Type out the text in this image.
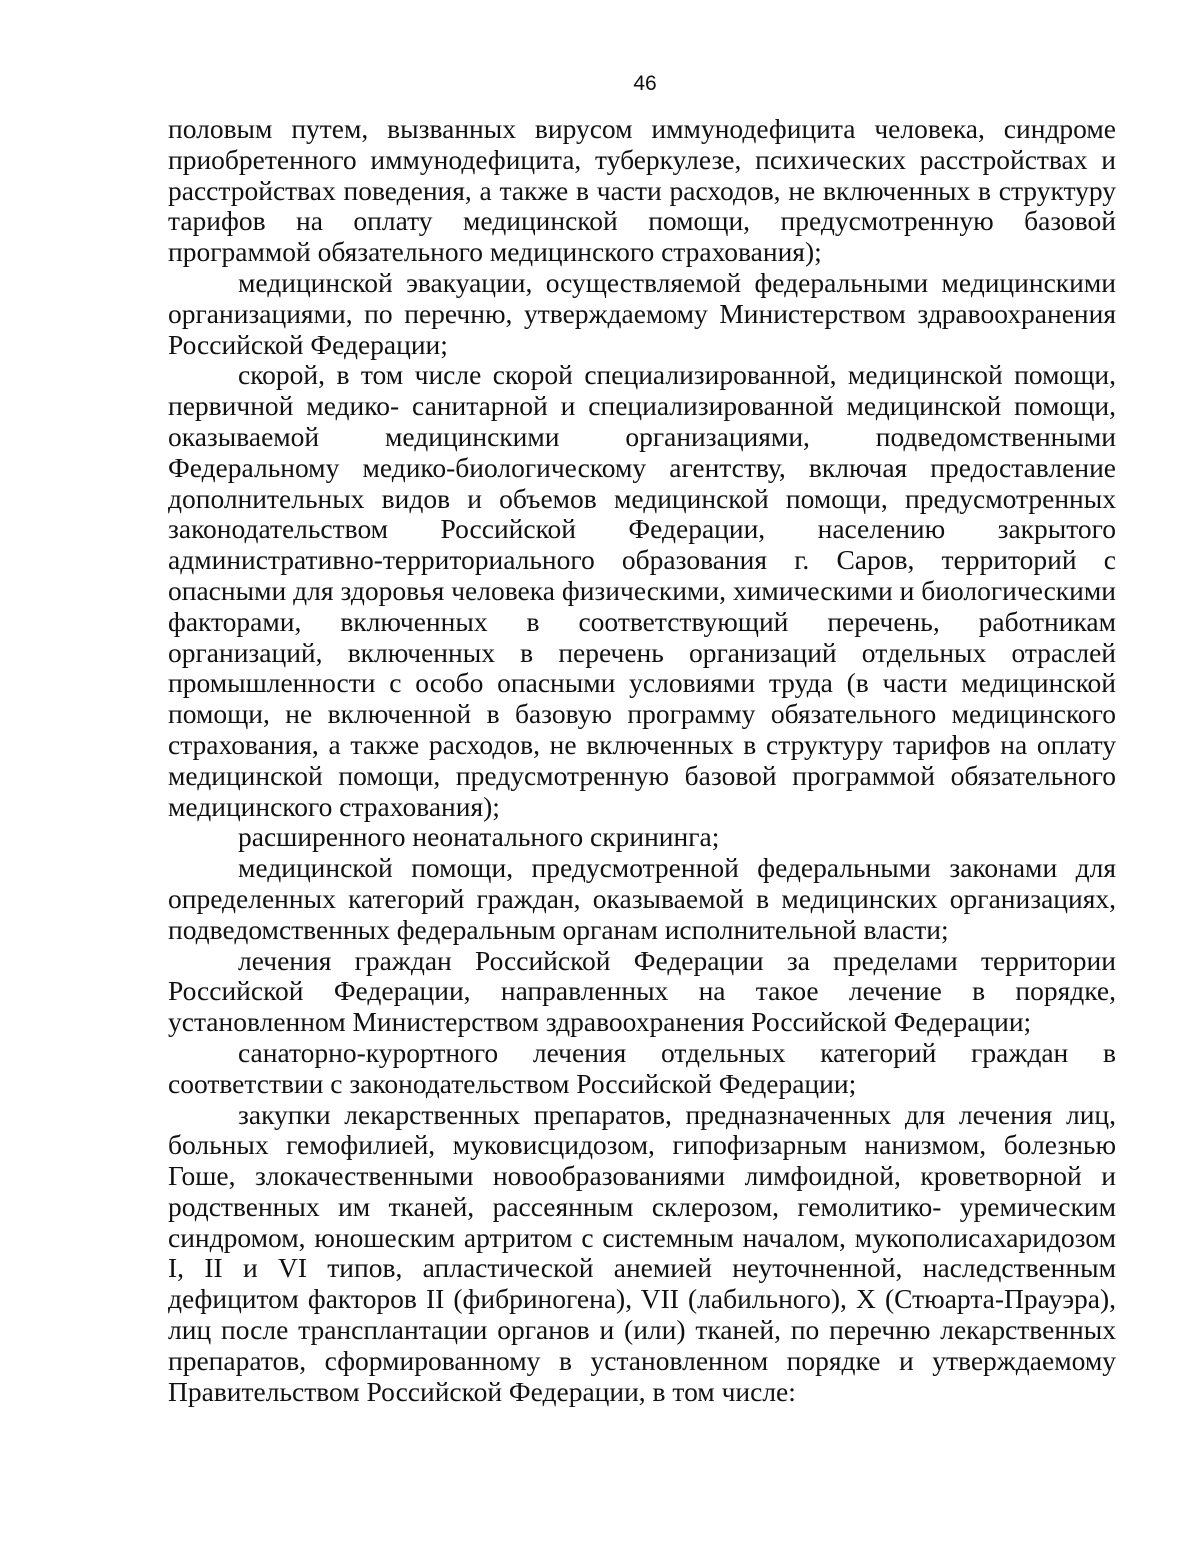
46

половым путем, вызванных вирусом иммунодефицита человека, синдроме приобретенного иммунодефицита, туберкулезе, психических расстройствах и расстройствах поведения, а также в части расходов, не включенных в структуру тарифов на оплату медицинской помощи, предусмотренную базовой программой обязательного медицинского страхования);

медицинской эвакуации, осуществляемой федеральными медицинскими организациями, по перечню, утверждаемому Министерством здравоохранения Российской Федерации;

скорой, в том числе скорой специализированной, медицинской помощи, первичной медико- санитарной и специализированной медицинской помощи, оказываемой медицинскими организациями, подведомственными Федеральному медико-биологическому агентству, включая предоставление дополнительных видов и объемов медицинской помощи, предусмотренных законодательством Российской Федерации, населению закрытого административно-территориального образования г. Саров, территорий с опасными для здоровья человека физическими, химическими и биологическими факторами, включенных в соответствующий перечень, работникам организаций, включенных в перечень организаций отдельных отраслей промышленности с особо опасными условиями труда (в части медицинской помощи, не включенной в базовую программу обязательного медицинского страхования, а также расходов, не включенных в структуру тарифов на оплату медицинской помощи, предусмотренную базовой программой обязательного медицинского страхования);

расширенного неонатального скрининга;

медицинской помощи, предусмотренной федеральными законами для определенных категорий граждан, оказываемой в медицинских организациях, подведомственных федеральным органам исполнительной власти;

лечения граждан Российской Федерации за пределами территории Российской Федерации, направленных на такое лечение в порядке, установленном Министерством здравоохранения Российской Федерации;

санаторно-курортного лечения отдельных категорий граждан в соответствии с законодательством Российской Федерации;

закупки лекарственных препаратов, предназначенных для лечения лиц, больных гемофилией, муковисцидозом, гипофизарным нанизмом, болезнью Гоше, злокачественными новообразованиями лимфоидной, кроветворной и родственных им тканей, рассеянным склерозом, гемолитико- уремическим синдромом, юношеским артритом с системным началом, мукополисахаридозом I, II и VI типов, апластической анемией неуточненной, наследственным дефицитом факторов II (фибриногена), VII (лабильного), X (Стюарта-Прауэра), лиц после трансплантации органов и (или) тканей, по перечню лекарственных препаратов, сформированному в установленном порядке и утверждаемому Правительством Российской Федерации, в том числе:
